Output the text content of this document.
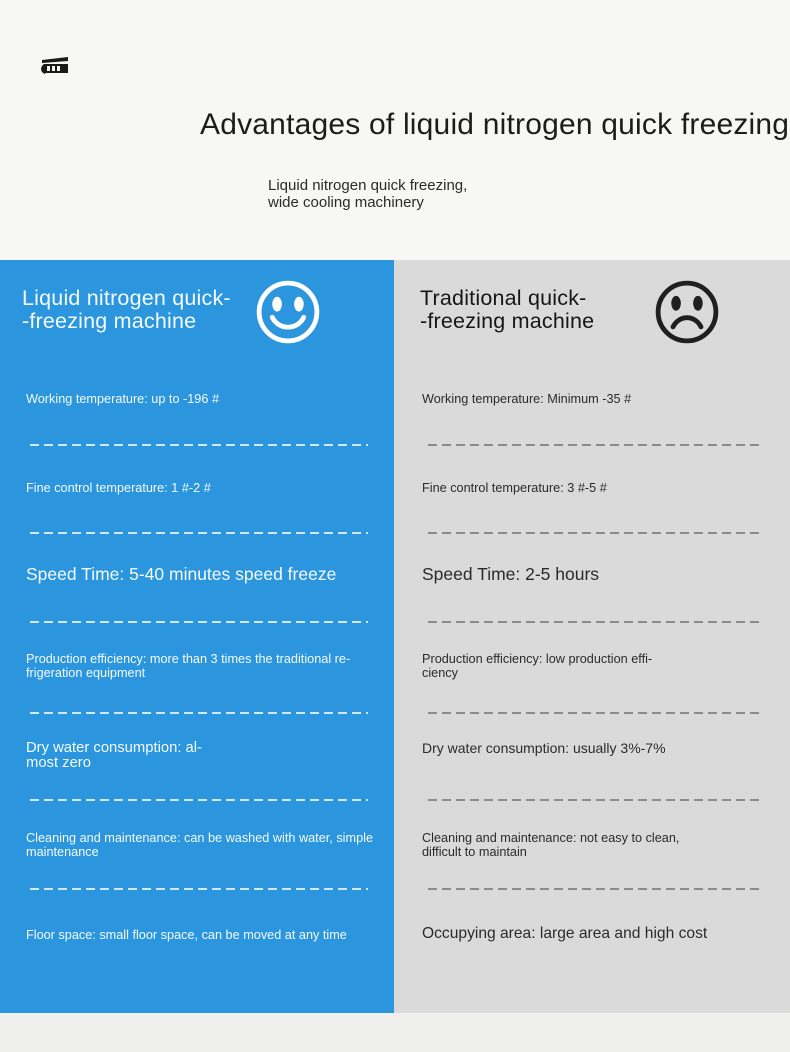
Advantages of liquid nitrogen quick freezing
Liquid nitrogen quick freezing,
wide cooling machinery
Liquid nitrogen quick-
-freezing machine
Working temperature: up to -196 #
Fine control temperature: 1 #-2 #
Speed Time: 5-40 minutes speed freeze
Production efficiency: more than 3 times the traditional re-
frigeration equipment
Dry water consumption: al-
most zero
Cleaning and maintenance: can be washed with water, simple
maintenance
Floor space: small floor space, can be moved at any time
Traditional quick-
-freezing machine
Working temperature: Minimum -35 #
Fine control temperature: 3 #-5 #
Speed Time: 2-5 hours
Production efficiency: low production effi-
ciency
Dry water consumption: usually 3%-7%
Cleaning and maintenance: not easy to clean,
difficult to maintain
Occupying area: large area and high cost
